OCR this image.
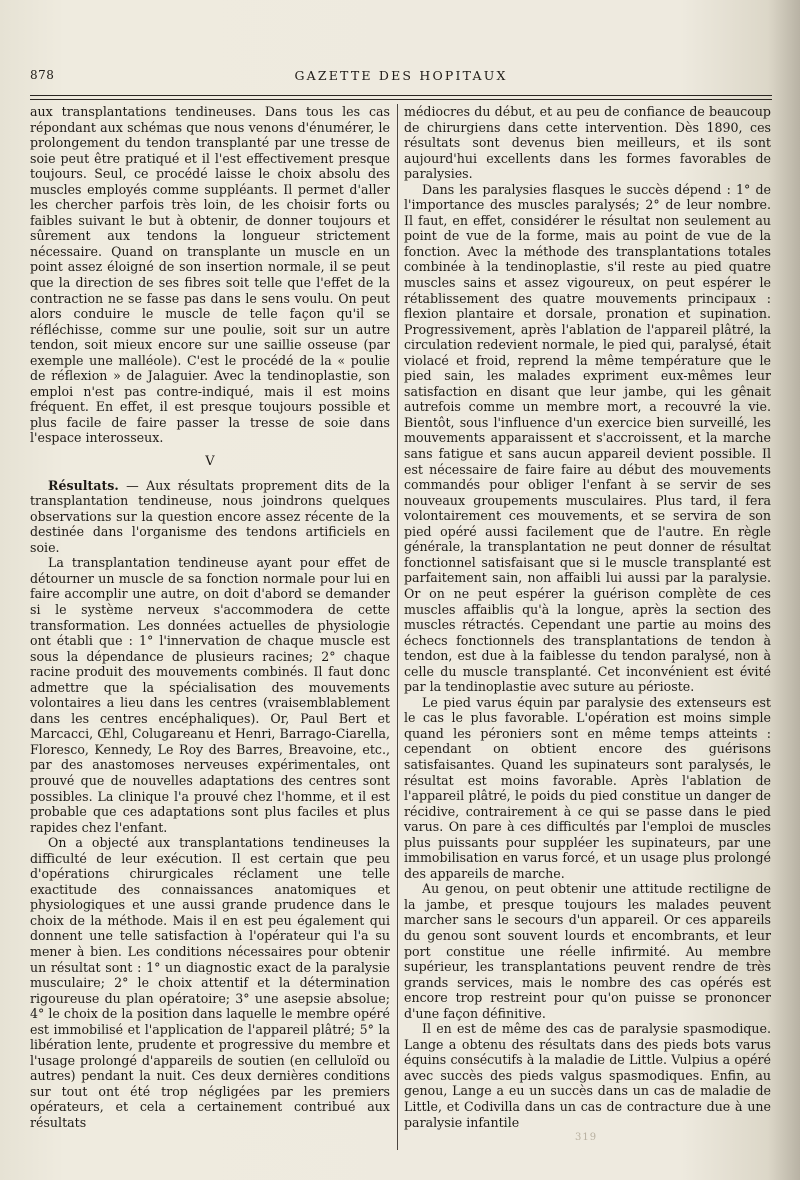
878	GAZETTE DES HOPITAUX

aux transplantations tendineuses. Dans tous les cas répondant aux schémas que nous venons d'énumérer, le prolongement du tendon transplanté par une tresse de soie peut être pratiqué et il l'est effectivement presque toujours. Seul, ce procédé laisse le choix absolu des muscles employés comme suppléants. Il permet d'aller les chercher parfois très loin, de les choisir forts ou faibles suivant le but à obtenir, de donner toujours et sûrement aux tendons la longueur strictement nécessaire. Quand on transplante un muscle en un point assez éloigné de son insertion normale, il se peut que la direction de ses fibres soit telle que l'effet de la contraction ne se fasse pas dans le sens voulu. On peut alors conduire le muscle de telle façon qu'il se réfléchisse, comme sur une poulie, soit sur un autre tendon, soit mieux encore sur une saillie osseuse (par exemple une malléole). C'est le procédé de la « poulie de réflexion » de Jalaguier. Avec la tendinoplastie, son emploi n'est pas contre-indiqué, mais il est moins fréquent. En effet, il est presque toujours possible et plus facile de faire passer la tresse de soie dans l'espace interosseux.

V

Résultats. — Aux résultats proprement dits de la transplantation tendineuse, nous joindrons quelques observations sur la question encore assez récente de la destinée dans l'organisme des tendons artificiels en soie.

La transplantation tendineuse ayant pour effet de détourner un muscle de sa fonction normale pour lui en faire accomplir une autre, on doit d'abord se demander si le système nerveux s'accommodera de cette transformation. Les données actuelles de physiologie ont établi que : 1° l'innervation de chaque muscle est sous la dépendance de plusieurs racines; 2° chaque racine produit des mouvements combinés. Il faut donc admettre que la spécialisation des mouvements volontaires a lieu dans les centres (vraisemblablement dans les centres encéphaliques). Or, Paul Bert et Marcacci, Œhl, Colugareanu et Henri, Barrago-Ciarella, Floresco, Kennedy, Le Roy des Barres, Breavoine, etc., par des anastomoses nerveuses expérimentales, ont prouvé que de nouvelles adaptations des centres sont possibles. La clinique l'a prouvé chez l'homme, et il est probable que ces adaptations sont plus faciles et plus rapides chez l'enfant.

On a objecté aux transplantations tendineuses la difficulté de leur exécution. Il est certain que peu d'opérations chirurgicales réclament une telle exactitude des connaissances anatomiques et physiologiques et une aussi grande prudence dans le choix de la méthode. Mais il en est peu également qui donnent une telle satisfaction à l'opérateur qui l'a su mener à bien. Les conditions nécessaires pour obtenir un résultat sont : 1° un diagnostic exact de la paralysie musculaire; 2° le choix attentif et la détermination rigoureuse du plan opératoire; 3° une asepsie absolue; 4° le choix de la position dans laquelle le membre opéré est immobilisé et l'application de l'appareil plâtré; 5° la libération lente, prudente et progressive du membre et l'usage prolongé d'appareils de soutien (en celluloïd ou autres) pendant la nuit. Ces deux dernières conditions sur tout ont été trop négligées par les premiers opérateurs, et cela a certainement contribué aux résultats

médiocres du début, et au peu de confiance de beaucoup de chirurgiens dans cette intervention. Dès 1890, ces résultats sont devenus bien meilleurs, et ils sont aujourd'hui excellents dans les formes favorables de paralysies.

Dans les paralysies flasques le succès dépend : 1° de l'importance des muscles paralysés; 2° de leur nombre. Il faut, en effet, considérer le résultat non seulement au point de vue de la forme, mais au point de vue de la fonction. Avec la méthode des transplantations totales combinée à la tendinoplastie, s'il reste au pied quatre muscles sains et assez vigoureux, on peut espérer le rétablissement des quatre mouvements principaux : flexion plantaire et dorsale, pronation et supination. Progressivement, après l'ablation de l'appareil plâtré, la circulation redevient normale, le pied qui, paralysé, était violacé et froid, reprend la même température que le pied sain, les malades expriment eux-mêmes leur satisfaction en disant que leur jambe, qui les gênait autrefois comme un membre mort, a recouvré la vie. Bientôt, sous l'influence d'un exercice bien surveillé, les mouvements apparaissent et s'accroissent, et la marche sans fatigue et sans aucun appareil devient possible. Il est nécessaire de faire faire au début des mouvements commandés pour obliger l'enfant à se servir de ses nouveaux groupements musculaires. Plus tard, il fera volontairement ces mouvements, et se servira de son pied opéré aussi facilement que de l'autre. En règle générale, la transplantation ne peut donner de résultat fonctionnel satisfaisant que si le muscle transplanté est parfaitement sain, non affaibli lui aussi par la paralysie. Or on ne peut espérer la guérison complète de ces muscles affaiblis qu'à la longue, après la section des muscles rétractés. Cependant une partie au moins des échecs fonctionnels des transplantations de tendon à tendon, est due à la faiblesse du tendon paralysé, non à celle du muscle transplanté. Cet inconvénient est évité par la tendinoplastie avec suture au périoste.

Le pied varus équin par paralysie des extenseurs est le cas le plus favorable. L'opération est moins simple quand les péroniers sont en même temps atteints : cependant on obtient encore des guérisons satisfaisantes. Quand les supinateurs sont paralysés, le résultat est moins favorable. Après l'ablation de l'appareil plâtré, le poids du pied constitue un danger de récidive, contrairement à ce qui se passe dans le pied varus. On pare à ces difficultés par l'emploi de muscles plus puissants pour suppléer les supinateurs, par une immobilisation en varus forcé, et un usage plus prolongé des appareils de marche.

Au genou, on peut obtenir une attitude rectiligne de la jambe, et presque toujours les malades peuvent marcher sans le secours d'un appareil. Or ces appareils du genou sont souvent lourds et encombrants, et leur port constitue une réelle infirmité. Au membre supérieur, les transplantations peuvent rendre de très grands services, mais le nombre des cas opérés est encore trop restreint pour qu'on puisse se prononcer d'une façon définitive.

Il en est de même des cas de paralysie spasmodique. Lange a obtenu des résultats dans des pieds bots varus équins consécutifs à la maladie de Little. Vulpius a opéré avec succès des pieds valgus spasmodiques. Enfin, au genou, Lange a eu un succès dans un cas de maladie de Little, et Codivilla dans un cas de contracture due à une paralysie infantile

319
